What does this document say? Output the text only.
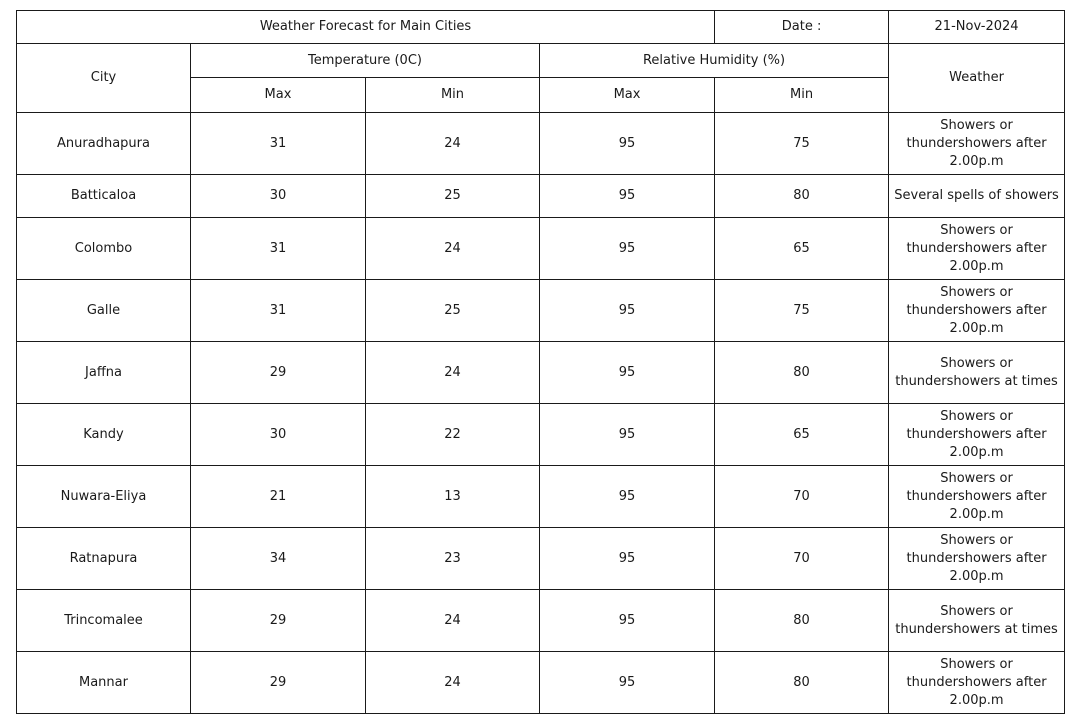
Weather Forecast for Main Cities				Date :	21-Nov-2024
City	Temperature (0C)		Relative Humidity (%)		Weather
	Max	Min	Max	Min	
Anuradhapura	31	24	95	75	Showers or thundershowers after 2.00p.m
Batticaloa	30	25	95	80	Several spells of showers
Colombo	31	24	95	65	Showers or thundershowers after 2.00p.m
Galle	31	25	95	75	Showers or thundershowers after 2.00p.m
Jaffna	29	24	95	80	Showers or thundershowers at times
Kandy	30	22	95	65	Showers or thundershowers after 2.00p.m
Nuwara-Eliya	21	13	95	70	Showers or thundershowers after 2.00p.m
Ratnapura	34	23	95	70	Showers or thundershowers after 2.00p.m
Trincomalee	29	24	95	80	Showers or thundershowers at times
Mannar	29	24	95	80	Showers or thundershowers after 2.00p.m
